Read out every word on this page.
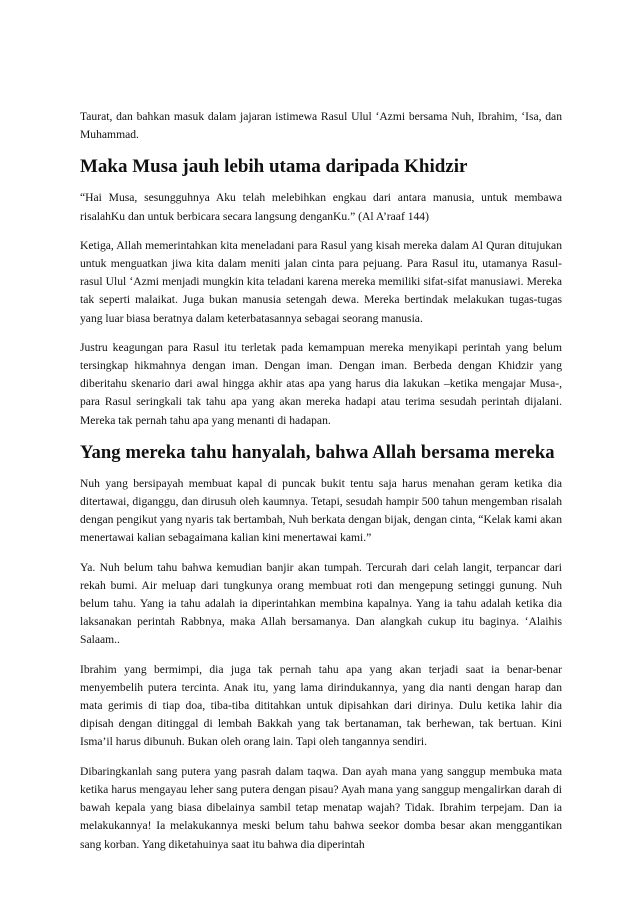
Taurat, dan bahkan masuk dalam jajaran istimewa Rasul Ulul ‘Azmi bersama Nuh, Ibrahim, ‘Isa, dan Muhammad.

Maka Musa jauh lebih utama daripada Khidzir

“Hai Musa, sesungguhnya Aku telah melebihkan engkau dari antara manusia, untuk membawa risalahKu dan untuk berbicara secara langsung denganKu.” (Al A’raaf 144)

Ketiga, Allah memerintahkan kita meneladani para Rasul yang kisah mereka dalam Al Quran ditujukan untuk menguatkan jiwa kita dalam meniti jalan cinta para pejuang. Para Rasul itu, utamanya Rasul-rasul Ulul ‘Azmi menjadi mungkin kita teladani karena mereka memiliki sifat-sifat manusiawi. Mereka tak seperti malaikat. Juga bukan manusia setengah dewa. Mereka bertindak melakukan tugas-tugas yang luar biasa beratnya dalam keterbatasannya sebagai seorang manusia.

Justru keagungan para Rasul itu terletak pada kemampuan mereka menyikapi perintah yang belum tersingkap hikmahnya dengan iman. Dengan iman. Dengan iman. Berbeda dengan Khidzir yang diberitahu skenario dari awal hingga akhir atas apa yang harus dia lakukan –ketika mengajar Musa-, para Rasul seringkali tak tahu apa yang akan mereka hadapi atau terima sesudah perintah dijalani. Mereka tak pernah tahu apa yang menanti di hadapan.

Yang mereka tahu hanyalah, bahwa Allah bersama mereka

Nuh yang bersipayah membuat kapal di puncak bukit tentu saja harus menahan geram ketika dia ditertawai, diganggu, dan dirusuh oleh kaumnya. Tetapi, sesudah hampir 500 tahun mengemban risalah dengan pengikut yang nyaris tak bertambah, Nuh berkata dengan bijak, dengan cinta, “Kelak kami akan menertawai kalian sebagaimana kalian kini menertawai kami.”

Ya. Nuh belum tahu bahwa kemudian banjir akan tumpah. Tercurah dari celah langit, terpancar dari rekah bumi. Air meluap dari tungkunya orang membuat roti dan mengepung setinggi gunung. Nuh belum tahu. Yang ia tahu adalah ia diperintahkan membina kapalnya. Yang ia tahu adalah ketika dia laksanakan perintah Rabbnya, maka Allah bersamanya. Dan alangkah cukup itu baginya. ‘Alaihis Salaam..

Ibrahim yang bermimpi, dia juga tak pernah tahu apa yang akan terjadi saat ia benar-benar menyembelih putera tercinta. Anak itu, yang lama dirindukannya, yang dia nanti dengan harap dan mata gerimis di tiap doa, tiba-tiba dititahkan untuk dipisahkan dari dirinya. Dulu ketika lahir dia dipisah dengan ditinggal di lembah Bakkah yang tak bertanaman, tak berhewan, tak bertuan. Kini Isma’il harus dibunuh. Bukan oleh orang lain. Tapi oleh tangannya sendiri.

Dibaringkanlah sang putera yang pasrah dalam taqwa. Dan ayah mana yang sanggup membuka mata ketika harus mengayau leher sang putera dengan pisau? Ayah mana yang sanggup mengalirkan darah di bawah kepala yang biasa dibelainya sambil tetap menatap wajah? Tidak. Ibrahim terpejam. Dan ia melakukannya! Ia melakukannya meski belum tahu bahwa seekor domba besar akan menggantikan sang korban. Yang diketahuinya saat itu bahwa dia diperintah
